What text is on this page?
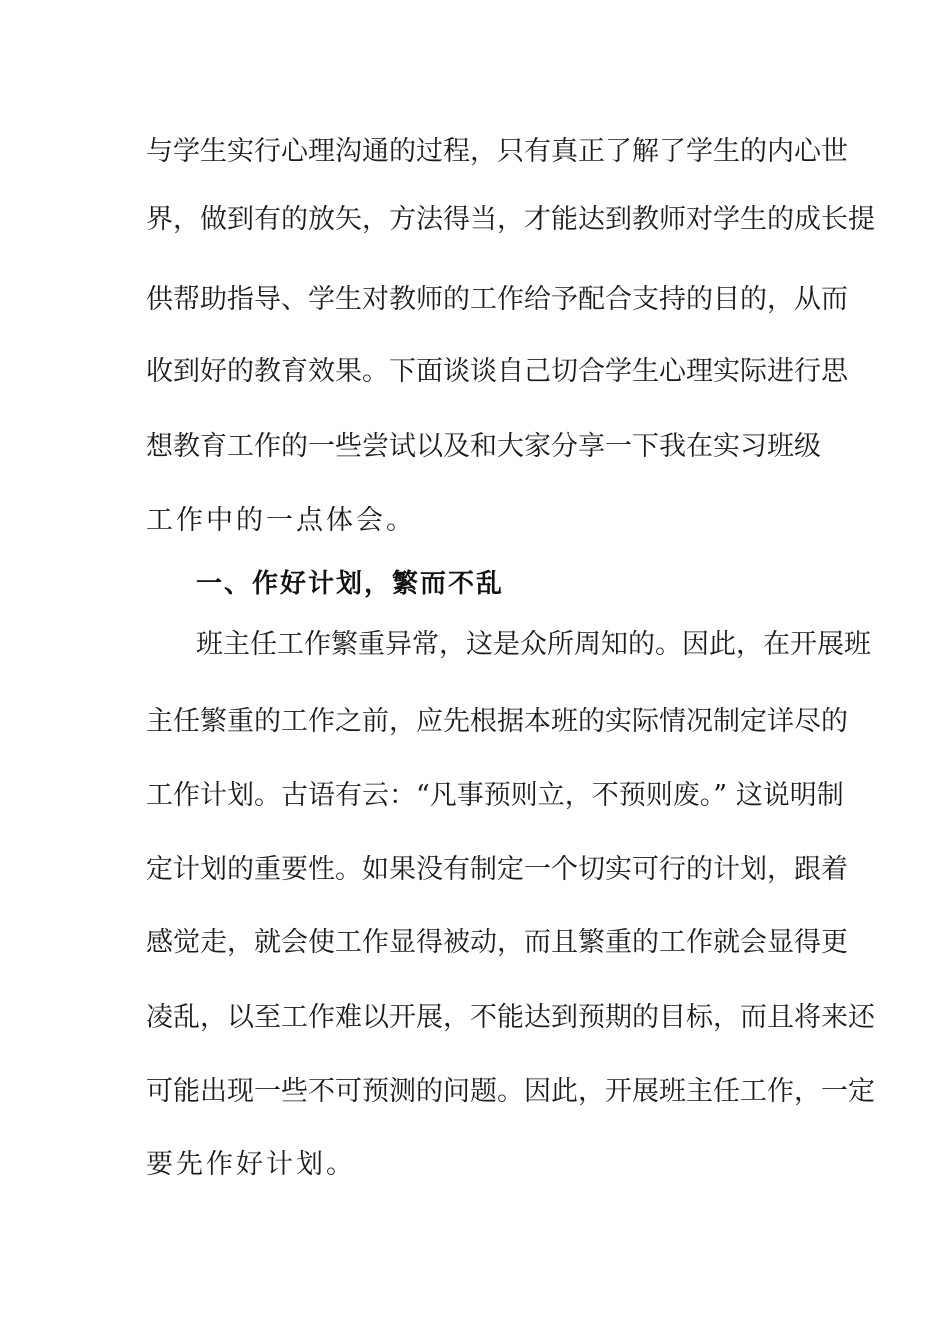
与学生实行心理沟通的过程，只有真正了解了学生的内心世
界，做到有的放矢，方法得当，才能达到教师对学生的成长提
供帮助指导、学生对教师的工作给予配合支持的目的，从而
收到好的教育效果。下面谈谈自己切合学生心理实际进行思
想教育工作的一些尝试以及和大家分享一下我在实习班级
工作中的一点体会。
一、作好计划，繁而不乱
班主任工作繁重异常，这是众所周知的。因此，在开展班
主任繁重的工作之前，应先根据本班的实际情况制定详尽的
工作计划。古语有云：“凡事预则立，不预则废。” 这说明制
定计划的重要性。如果没有制定一个切实可行的计划，跟着
感觉走，就会使工作显得被动，而且繁重的工作就会显得更
凌乱，以至工作难以开展，不能达到预期的目标，而且将来还
可能出现一些不可预测的问题。因此，开展班主任工作，一定
要先作好计划。
